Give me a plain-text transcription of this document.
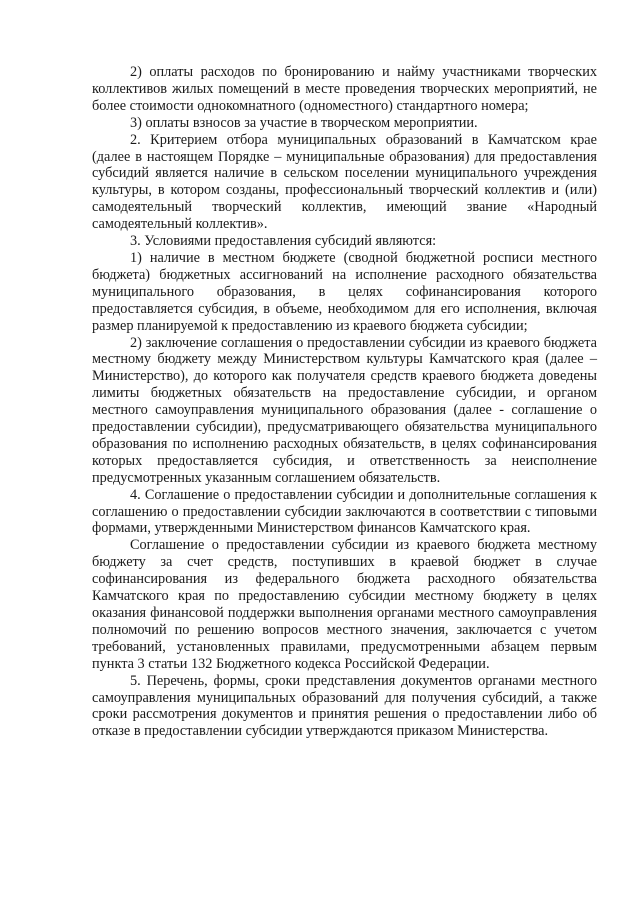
2) оплаты расходов по бронированию и найму участниками творческих коллективов жилых помещений в месте проведения творческих мероприятий, не более стоимости однокомнатного (одноместного) стандартного номера;

3) оплаты взносов за участие в творческом мероприятии.

2. Критерием отбора муниципальных образований в Камчатском крае (далее в настоящем Порядке – муниципальные образования) для предоставления субсидий является наличие в сельском поселении муниципального учреждения культуры, в котором созданы, профессиональный творческий коллектив и (или) самодеятельный творческий коллектив, имеющий звание «Народный самодеятельный коллектив».

3. Условиями предоставления субсидий являются:

1) наличие в местном бюджете (сводной бюджетной росписи местного бюджета) бюджетных ассигнований на исполнение расходного обязательства муниципального образования, в целях софинансирования которого предоставляется субсидия, в объеме, необходимом для его исполнения, включая размер планируемой к предоставлению из краевого бюджета субсидии;

2) заключение соглашения о предоставлении субсидии из краевого бюджета местному бюджету между Министерством культуры Камчатского края (далее – Министерство), до которого как получателя средств краевого бюджета доведены лимиты бюджетных обязательств на предоставление субсидии, и органом местного самоуправления муниципального образования (далее - соглашение о предоставлении субсидии), предусматривающего обязательства муниципального образования по исполнению расходных обязательств, в целях софинансирования которых предоставляется субсидия, и ответственность за неисполнение предусмотренных указанным соглашением обязательств.

4. Соглашение о предоставлении субсидии и дополнительные соглашения к соглашению о предоставлении субсидии заключаются в соответствии с типовыми формами, утвержденными Министерством финансов Камчатского края.

Соглашение о предоставлении субсидии из краевого бюджета местному бюджету за счет средств, поступивших в краевой бюджет в случае софинансирования из федерального бюджета расходного обязательства Камчатского края по предоставлению субсидии местному бюджету в целях оказания финансовой поддержки выполнения органами местного самоуправления полномочий по решению вопросов местного значения, заключается с учетом требований, установленных правилами, предусмотренными абзацем первым пункта 3 статьи 132 Бюджетного кодекса Российской Федерации.

5. Перечень, формы, сроки представления документов органами местного самоуправления муниципальных образований для получения субсидий, а также сроки рассмотрения документов и принятия решения о предоставлении либо об отказе в предоставлении субсидии утверждаются приказом Министерства.
